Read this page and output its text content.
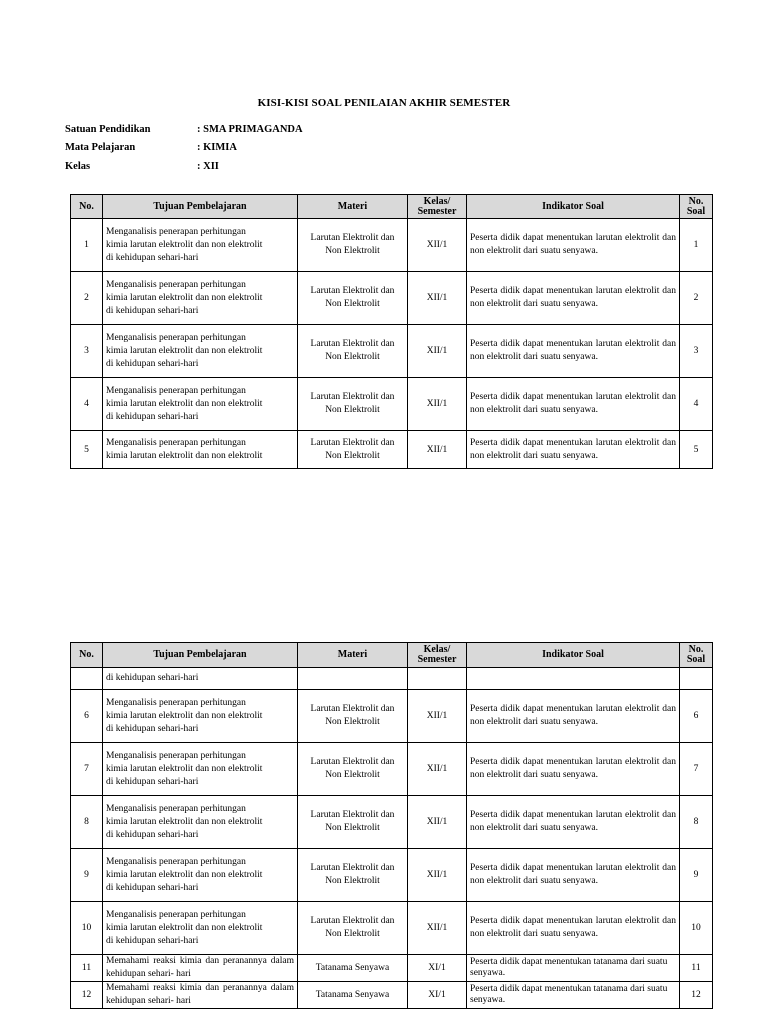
KISI-KISI SOAL PENILAIAN AKHIR SEMESTER
Satuan Pendidikan	: SMA PRIMAGANDA
Mata Pelajaran	: KIMIA
Kelas	: XII
No.	Tujuan Pembelajaran	Materi	Kelas/
Semester	Indikator Soal	No.
Soal
1	Menganalisis penerapan perhitungan
kimia larutan elektrolit dan non elektrolit
di kehidupan sehari-hari	Larutan Elektrolit dan
Non Elektrolit	XII/1	Peserta didik dapat menentukan larutan elektrolit dan non elektrolit dari suatu senyawa.	1
2	Menganalisis penerapan perhitungan
kimia larutan elektrolit dan non elektrolit
di kehidupan sehari-hari	Larutan Elektrolit dan
Non Elektrolit	XII/1	Peserta didik dapat menentukan larutan elektrolit dan non elektrolit dari suatu senyawa.	2
3	Menganalisis penerapan perhitungan
kimia larutan elektrolit dan non elektrolit
di kehidupan sehari-hari	Larutan Elektrolit dan
Non Elektrolit	XII/1	Peserta didik dapat menentukan larutan elektrolit dan non elektrolit dari suatu senyawa.	3
4	Menganalisis penerapan perhitungan
kimia larutan elektrolit dan non elektrolit
di kehidupan sehari-hari	Larutan Elektrolit dan
Non Elektrolit	XII/1	Peserta didik dapat menentukan larutan elektrolit dan non elektrolit dari suatu senyawa.	4
5	Menganalisis penerapan perhitungan
kimia larutan elektrolit dan non elektrolit	Larutan Elektrolit dan
Non Elektrolit	XII/1	Peserta didik dapat menentukan larutan elektrolit dan non elektrolit dari suatu senyawa.	5
No.	Tujuan Pembelajaran	Materi	Kelas/
Semester	Indikator Soal	No.
Soal
	di kehidupan sehari-hari				
6	Menganalisis penerapan perhitungan
kimia larutan elektrolit dan non elektrolit
di kehidupan sehari-hari	Larutan Elektrolit dan
Non Elektrolit	XII/1	Peserta didik dapat menentukan larutan elektrolit dan non elektrolit dari suatu senyawa.	6
7	Menganalisis penerapan perhitungan
kimia larutan elektrolit dan non elektrolit
di kehidupan sehari-hari	Larutan Elektrolit dan
Non Elektrolit	XII/1	Peserta didik dapat menentukan larutan elektrolit dan non elektrolit dari suatu senyawa.	7
8	Menganalisis penerapan perhitungan
kimia larutan elektrolit dan non elektrolit
di kehidupan sehari-hari	Larutan Elektrolit dan
Non Elektrolit	XII/1	Peserta didik dapat menentukan larutan elektrolit dan non elektrolit dari suatu senyawa.	8
9	Menganalisis penerapan perhitungan
kimia larutan elektrolit dan non elektrolit
di kehidupan sehari-hari	Larutan Elektrolit dan
Non Elektrolit	XII/1	Peserta didik dapat menentukan larutan elektrolit dan non elektrolit dari suatu senyawa.	9
10	Menganalisis penerapan perhitungan
kimia larutan elektrolit dan non elektrolit
di kehidupan sehari-hari	Larutan Elektrolit dan
Non Elektrolit	XII/1	Peserta didik dapat menentukan larutan elektrolit dan non elektrolit dari suatu senyawa.	10
11	Memahami reaksi kimia dan peranannya dalam kehidupan sehari- hari	Tatanama Senyawa	XI/1	Peserta didik dapat menentukan tatanama dari suatu senyawa.	11
12	Memahami reaksi kimia dan peranannya dalam kehidupan sehari- hari	Tatanama Senyawa	XI/1	Peserta didik dapat menentukan tatanama dari suatu senyawa.	12
